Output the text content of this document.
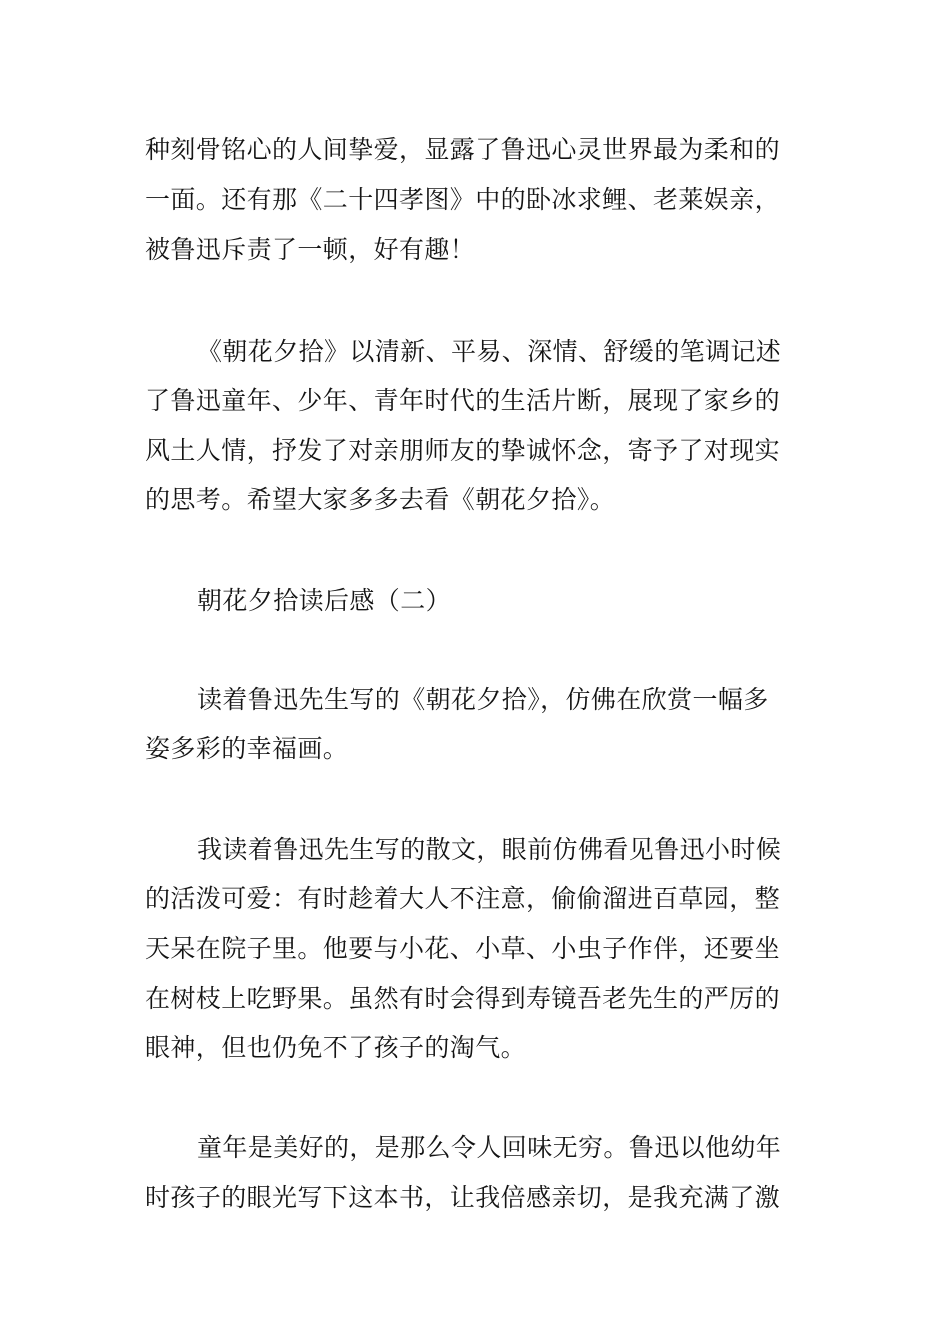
种刻骨铭心的人间挚爱，显露了鲁迅心灵世界最为柔和的

一面。还有那《二十四孝图》中的卧冰求鲤、老莱娱亲，

被鲁迅斥责了一顿，好有趣！

《朝花夕拾》以清新、平易、深情、舒缓的笔调记述

了鲁迅童年、少年、青年时代的生活片断，展现了家乡的

风土人情，抒发了对亲朋师友的挚诚怀念，寄予了对现实

的思考。希望大家多多去看《朝花夕拾》。

朝花夕拾读后感（二）

读着鲁迅先生写的《朝花夕拾》，仿佛在欣赏一幅多

姿多彩的幸福画。

我读着鲁迅先生写的散文，眼前仿佛看见鲁迅小时候

的活泼可爱：有时趁着大人不注意，偷偷溜进百草园，整

天呆在院子里。他要与小花、小草、小虫子作伴，还要坐

在树枝上吃野果。虽然有时会得到寿镜吾老先生的严厉的

眼神，但也仍免不了孩子的淘气。

童年是美好的，是那么令人回味无穷。鲁迅以他幼年

时孩子的眼光写下这本书，让我倍感亲切，是我充满了激
